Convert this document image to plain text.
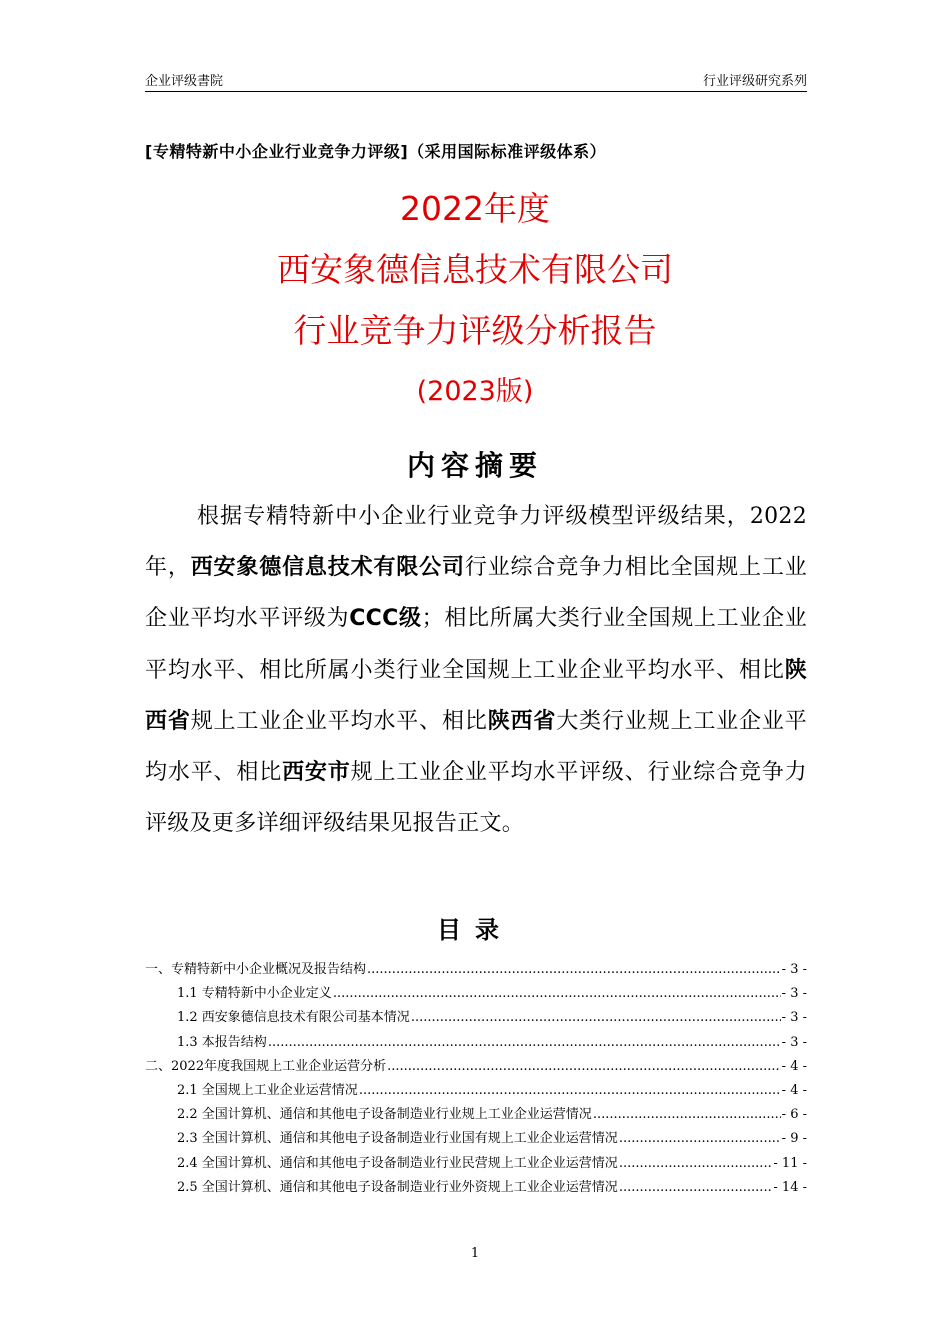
企业评级書院	行业评级研究系列
[专精特新中小企业行业竞争力评级]（采用国际标准评级体系）
2022年度
西安象德信息技术有限公司
行业竞争力评级分析报告
(2023版)
内容摘要
根据专精特新中小企业行业竞争力评级模型评级结果，2022年，西安象德信息技术有限公司行业综合竞争力相比全国规上工业企业平均水平评级为CCC级；相比所属大类行业全国规上工业企业平均水平、相比所属小类行业全国规上工业企业平均水平、相比陕西省规上工业企业平均水平、相比陕西省大类行业规上工业企业平均水平、相比西安市规上工业企业平均水平评级、行业综合竞争力评级及更多详细评级结果见报告正文。
目录
一、专精特新中小企业概况及报告结构 .....	- 3 -
1.1 专精特新中小企业定义 .....	- 3 -
1.2 西安象德信息技术有限公司基本情况 .....	- 3 -
1.3 本报告结构 .....	- 3 -
二、2022年度我国规上工业企业运营分析 .....	- 4 -
2.1 全国规上工业企业运营情况 .....	- 4 -
2.2 全国计算机、通信和其他电子设备制造业行业规上工业企业运营情况 .....	- 6 -
2.3 全国计算机、通信和其他电子设备制造业行业国有规上工业企业运营情况 .....	- 9 -
2.4 全国计算机、通信和其他电子设备制造业行业民营规上工业企业运营情况 .....	- 11 -
2.5 全国计算机、通信和其他电子设备制造业行业外资规上工业企业运营情况 .....	- 14 -
1
